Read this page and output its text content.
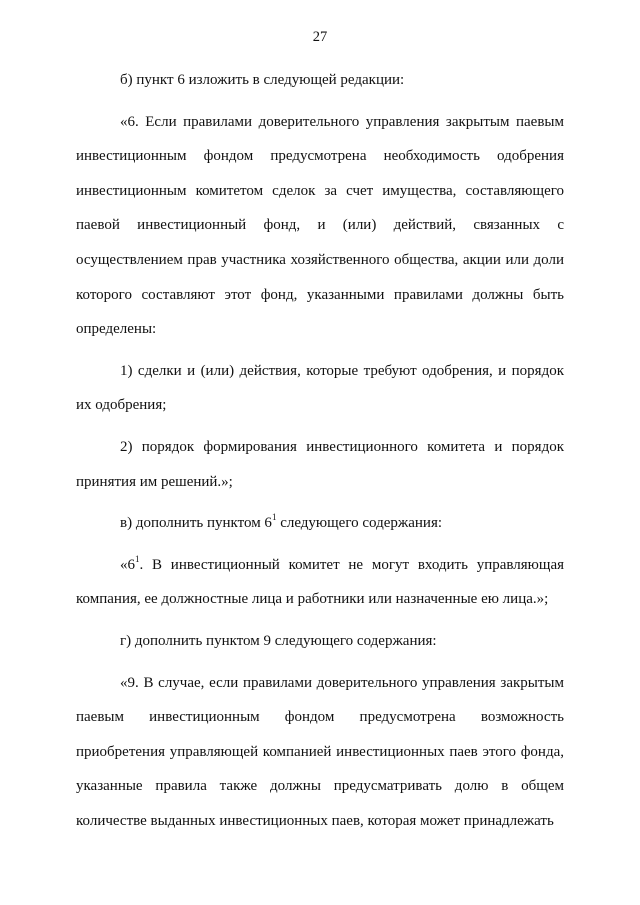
27

б) пункт 6 изложить в следующей редакции:

«6. Если правилами доверительного управления закрытым паевым инвестиционным фондом предусмотрена необходимость одобрения инвестиционным комитетом сделок за счет имущества, составляющего паевой инвестиционный фонд, и (или) действий, связанных с осуществлением прав участника хозяйственного общества, акции или доли которого составляют этот фонд, указанными правилами должны быть определены:

1) сделки и (или) действия, которые требуют одобрения, и порядок их одобрения;

2) порядок формирования инвестиционного комитета и порядок принятия им решений.»;

в) дополнить пунктом $6^1$ следующего содержания:

«$6^1$. В инвестиционный комитет не могут входить управляющая компания, ее должностные лица и работники или назначенные ею лица.»;

г) дополнить пунктом 9 следующего содержания:

«9. В случае, если правилами доверительного управления закрытым паевым инвестиционным фондом предусмотрена возможность приобретения управляющей компанией инвестиционных паев этого фонда, указанные правила также должны предусматривать долю в общем количестве выданных инвестиционных паев, которая может принадлежать
